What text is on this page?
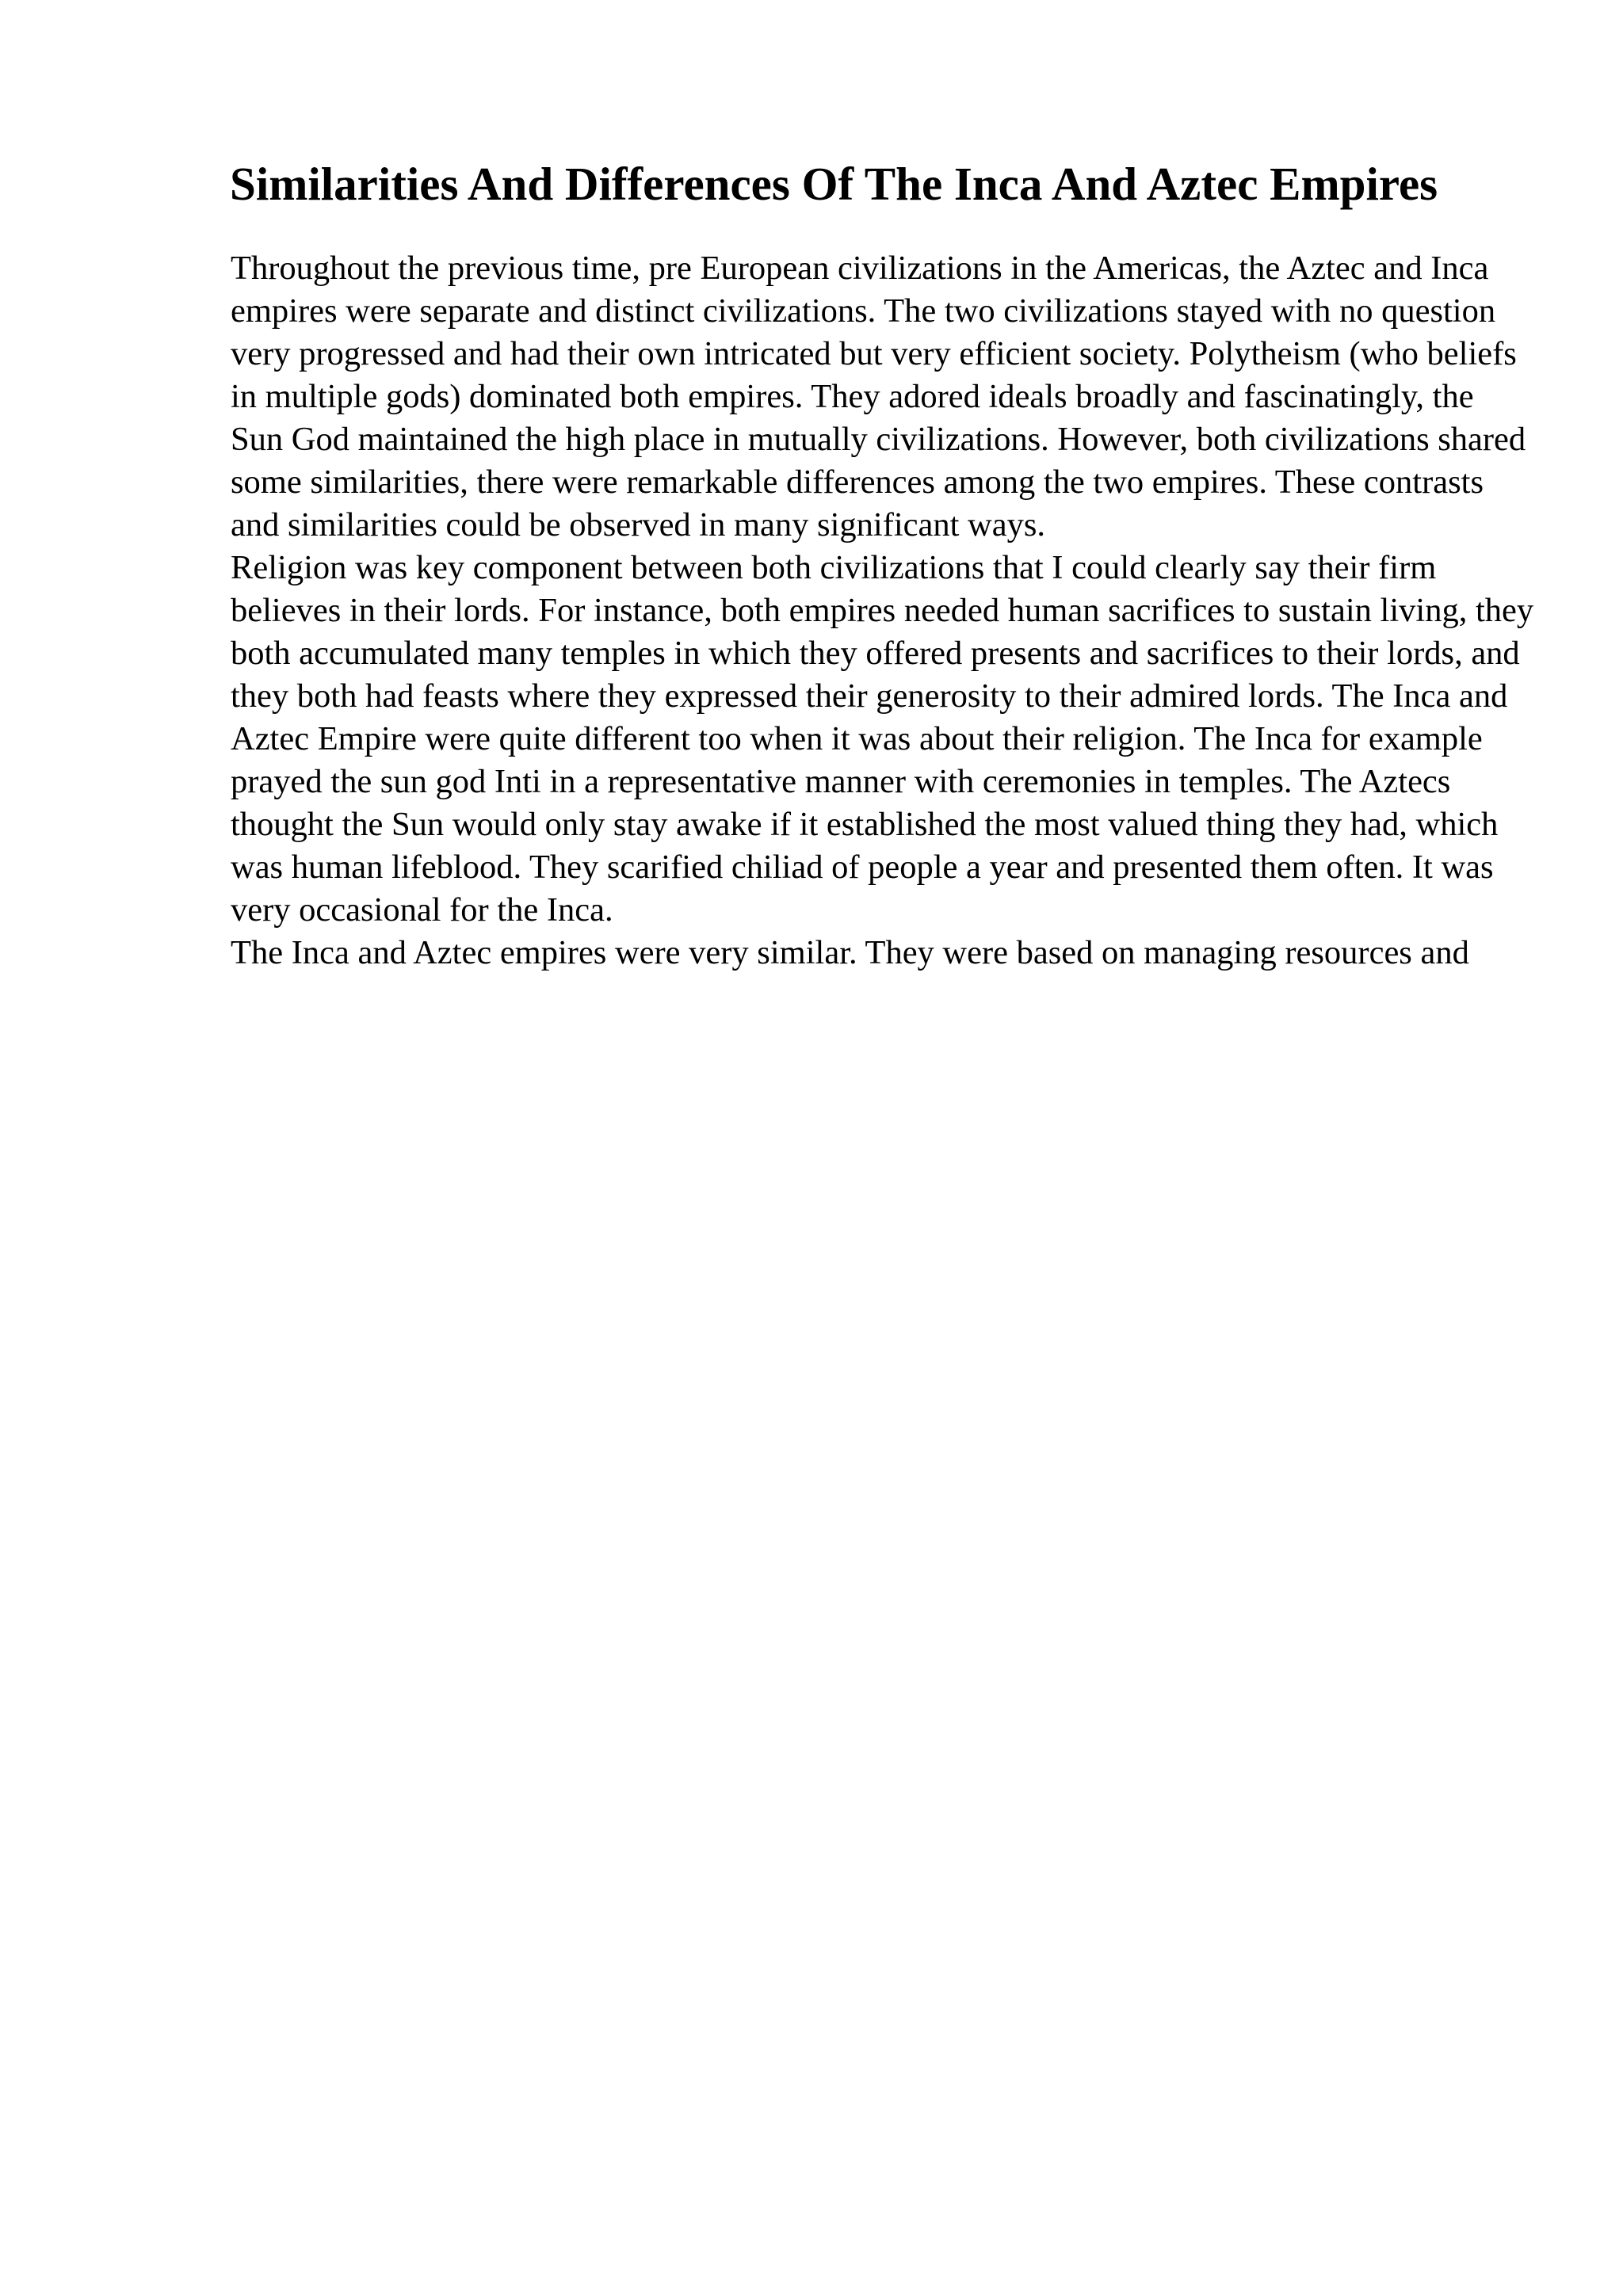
Similarities And Differences Of The Inca And Aztec Empires

Throughout the previous time, pre European civilizations in the Americas, the Aztec and Inca empires were separate and distinct civilizations. The two civilizations stayed with no question very progressed and had their own intricated but very efficient society. Polytheism (who beliefs in multiple gods) dominated both empires. They adored ideals broadly and fascinatingly, the Sun God maintained the high place in mutually civilizations. However, both civilizations shared some similarities, there were remarkable differences among the two empires. These contrasts and similarities could be observed in many significant ways.

Religion was key component between both civilizations that I could clearly say their firm believes in their lords. For instance, both empires needed human sacrifices to sustain living, they both accumulated many temples in which they offered presents and sacrifices to their lords, and they both had feasts where they expressed their generosity to their admired lords. The Inca and Aztec Empire were quite different too when it was about their religion. The Inca for example prayed the sun god Inti in a representative manner with ceremonies in temples. The Aztecs thought the Sun would only stay awake if it established the most valued thing they had, which was human lifeblood. They scarified chiliad of people a year and presented them often. It was very occasional for the Inca.

The Inca and Aztec empires were very similar. They were based on managing resources and
